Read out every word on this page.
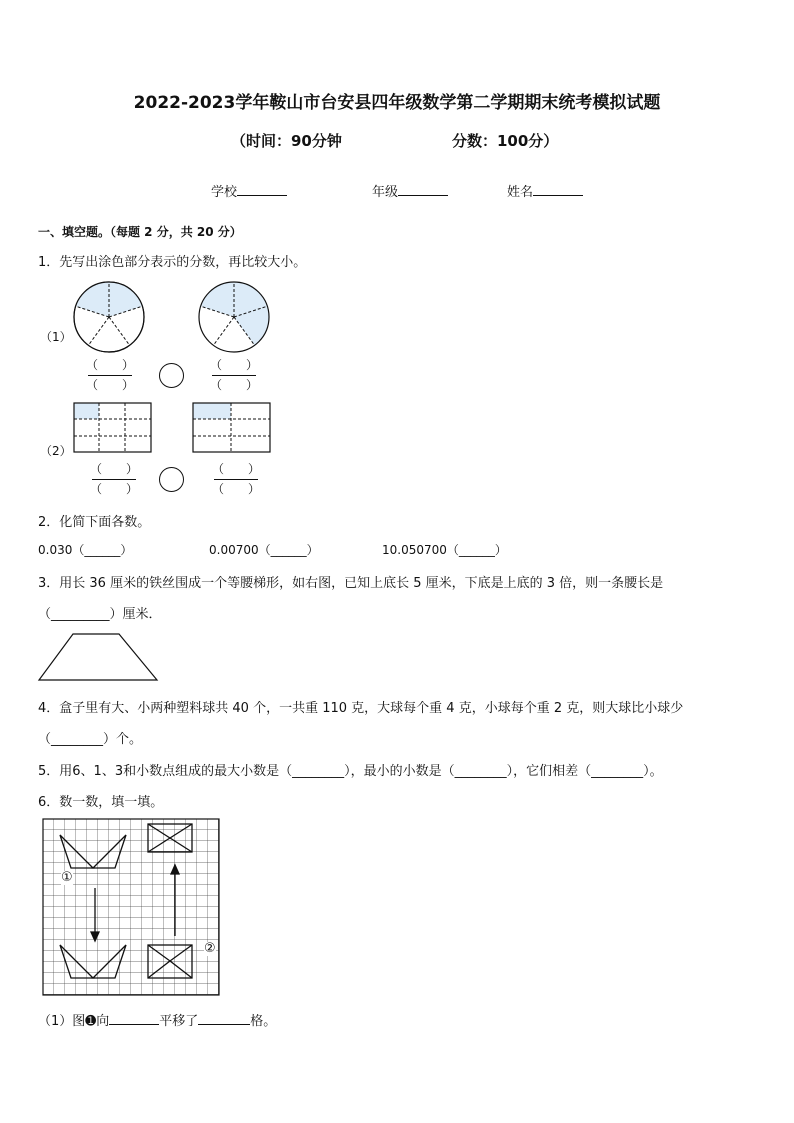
2022-2023学年鞍山市台安县四年级数学第二学期期末统考模拟试题
（时间：90分钟	分数：100分）
学校	年级	姓名
一、填空题。（每题 2 分，共 20 分）
1．先写出涂色部分表示的分数，再比较大小。
（1）
（　　）
（　　）
（　　）
（　　）
（2）
（　　）
（　　）
（　　）
（　　）
2．化简下面各数。
0.030（______）	0.00700（______）	10.050700（______）
3．用长 36 厘米的铁丝围成一个等腰梯形，如右图，已知上底长 5 厘米，下底是上底的 3 倍，则一条腰长是
（_________）厘米．
4．盒子里有大、小两种塑料球共 40 个，一共重 110 克，大球每个重 4 克，小球每个重 2 克，则大球比小球少
（________）个。
5．用6、1、3和小数点组成的最大小数是（________），最小的小数是（________），它们相差（________）。
6．数一数，填一填。
①
②
（1）图➊向	平移了	格。
